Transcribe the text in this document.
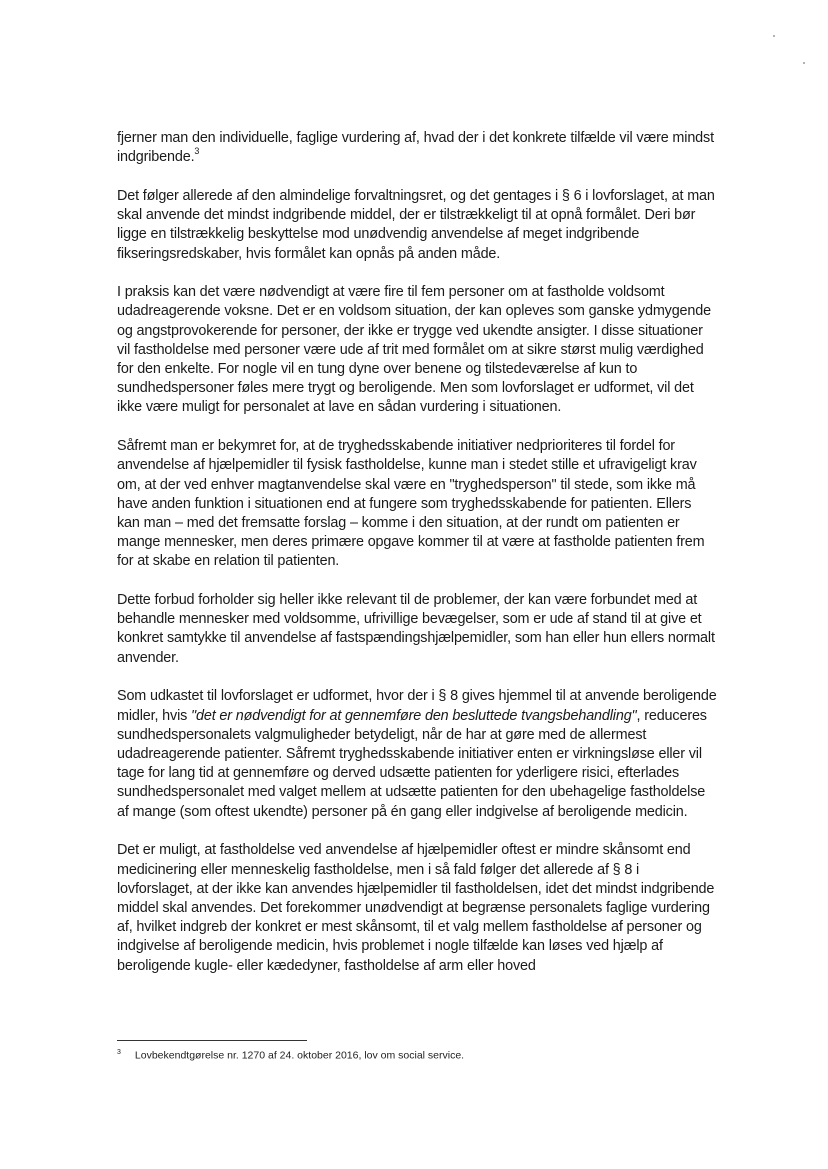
fjerner man den individuelle, faglige vurdering af, hvad der i det konkrete tilfælde vil være mindst indgribende.$^3$

Det følger allerede af den almindelige forvaltningsret, og det gentages i § 6 i lovforslaget, at man skal anvende det mindst indgribende middel, der er tilstrækkeligt til at opnå formålet. Deri bør ligge en tilstrækkelig beskyttelse mod unødvendig anvendelse af meget indgribende fikseringsredskaber, hvis formålet kan opnås på anden måde.

I praksis kan det være nødvendigt at være fire til fem personer om at fastholde voldsomt udadreagerende voksne. Det er en voldsom situation, der kan opleves som ganske ydmygende og angstprovokerende for personer, der ikke er trygge ved ukendte ansigter. I disse situationer vil fastholdelse med personer være ude af trit med formålet om at sikre størst mulig værdighed for den enkelte. For nogle vil en tung dyne over benene og tilstedeværelse af kun to sundhedspersoner føles mere trygt og beroligende. Men som lovforslaget er udformet, vil det ikke være muligt for personalet at lave en sådan vurdering i situationen.

Såfremt man er bekymret for, at de tryghedsskabende initiativer nedprioriteres til fordel for anvendelse af hjælpemidler til fysisk fastholdelse, kunne man i stedet stille et ufravigeligt krav om, at der ved enhver magtanvendelse skal være en "tryghedsperson" til stede, som ikke må have anden funktion i situationen end at fungere som tryghedsskabende for patienten. Ellers kan man – med det fremsatte forslag – komme i den situation, at der rundt om patienten er mange mennesker, men deres primære opgave kommer til at være at fastholde patienten frem for at skabe en relation til patienten.

Dette forbud forholder sig heller ikke relevant til de problemer, der kan være forbundet med at behandle mennesker med voldsomme, ufrivillige bevægelser, som er ude af stand til at give et konkret samtykke til anvendelse af fastspændingshjælpemidler, som han eller hun ellers normalt anvender.

Som udkastet til lovforslaget er udformet, hvor der i § 8 gives hjemmel til at anvende beroligende midler, hvis "det er nødvendigt for at gennemføre den besluttede tvangsbehandling", reduceres sundhedspersonalets valgmuligheder betydeligt, når de har at gøre med de allermest udadreagerende patienter. Såfremt tryghedsskabende initiativer enten er virkningsløse eller vil tage for lang tid at gennemføre og derved udsætte patienten for yderligere risici, efterlades sundhedspersonalet med valget mellem at udsætte patienten for den ubehagelige fastholdelse af mange (som oftest ukendte) personer på én gang eller indgivelse af beroligende medicin.

Det er muligt, at fastholdelse ved anvendelse af hjælpemidler oftest er mindre skånsomt end medicinering eller menneskelig fastholdelse, men i så fald følger det allerede af § 8 i lovforslaget, at der ikke kan anvendes hjælpemidler til fastholdelsen, idet det mindst indgribende middel skal anvendes. Det forekommer unødvendigt at begrænse personalets faglige vurdering af, hvilket indgreb der konkret er mest skånsomt, til et valg mellem fastholdelse af personer og indgivelse af beroligende medicin, hvis problemet i nogle tilfælde kan løses ved hjælp af beroligende kugle- eller kædedyner, fastholdelse af arm eller hoved

$^3$ Lovbekendtgørelse nr. 1270 af 24. oktober 2016, lov om social service.
